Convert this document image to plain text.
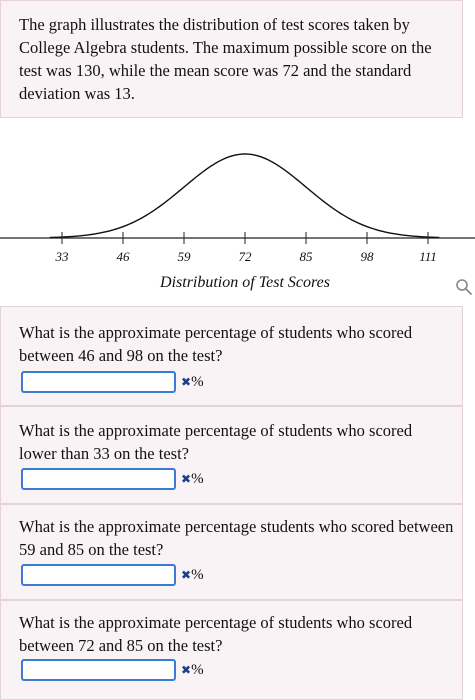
The graph illustrates the distribution of test scores taken by College Algebra students. The maximum possible score on the test was 130, while the mean score was 72 and the standard deviation was 13.
33	46	59	72	85	98	111
Distribution of Test Scores
What is the approximate percentage of students who scored between 46 and 98 on the test?
✖%
What is the approximate percentage of students who scored lower than 33 on the test?
✖%
What is the approximate percentage students who scored between 59 and 85 on the test?
✖%
What is the approximate percentage of students who scored between 72 and 85 on the test?
✖%
